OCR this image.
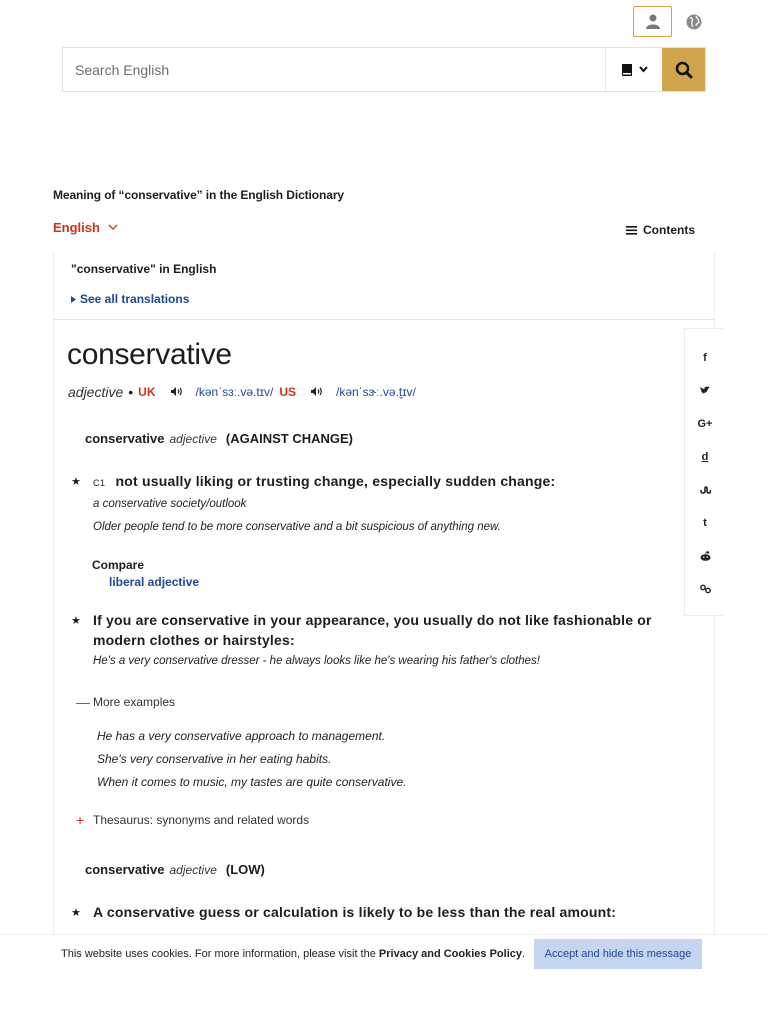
Search English
Meaning of “conservative” in the English Dictionary
English	Contents
"conservative" in English
See all translations
conservative
adjective • UK	/kənˈsɜː.və.tɪv/ US	/kənˈsɝː.və.t̬ɪv/
conservative adjective (AGAINST CHANGE)
★	C1 not usually liking or trusting change, especially sudden change:
a conservative society/outlook
Older people tend to be more conservative and a bit suspicious of anything new.
Compare
liberal adjective
★ If you are conservative in your appearance, you usually do not like fashionable or modern clothes or hairstyles:
He's a very conservative dresser - he always looks like he's wearing his father's clothes!
— More examples
He has a very conservative approach to management.
She's very conservative in her eating habits.
When it comes to music, my tastes are quite conservative.
+ Thesaurus: synonyms and related words
conservative adjective (LOW)
★ A conservative guess or calculation is likely to be less than the real amount:
f
G+
d
t
This website uses cookies. For more information, please visit the Privacy and Cookies Policy.	Accept and hide this message
